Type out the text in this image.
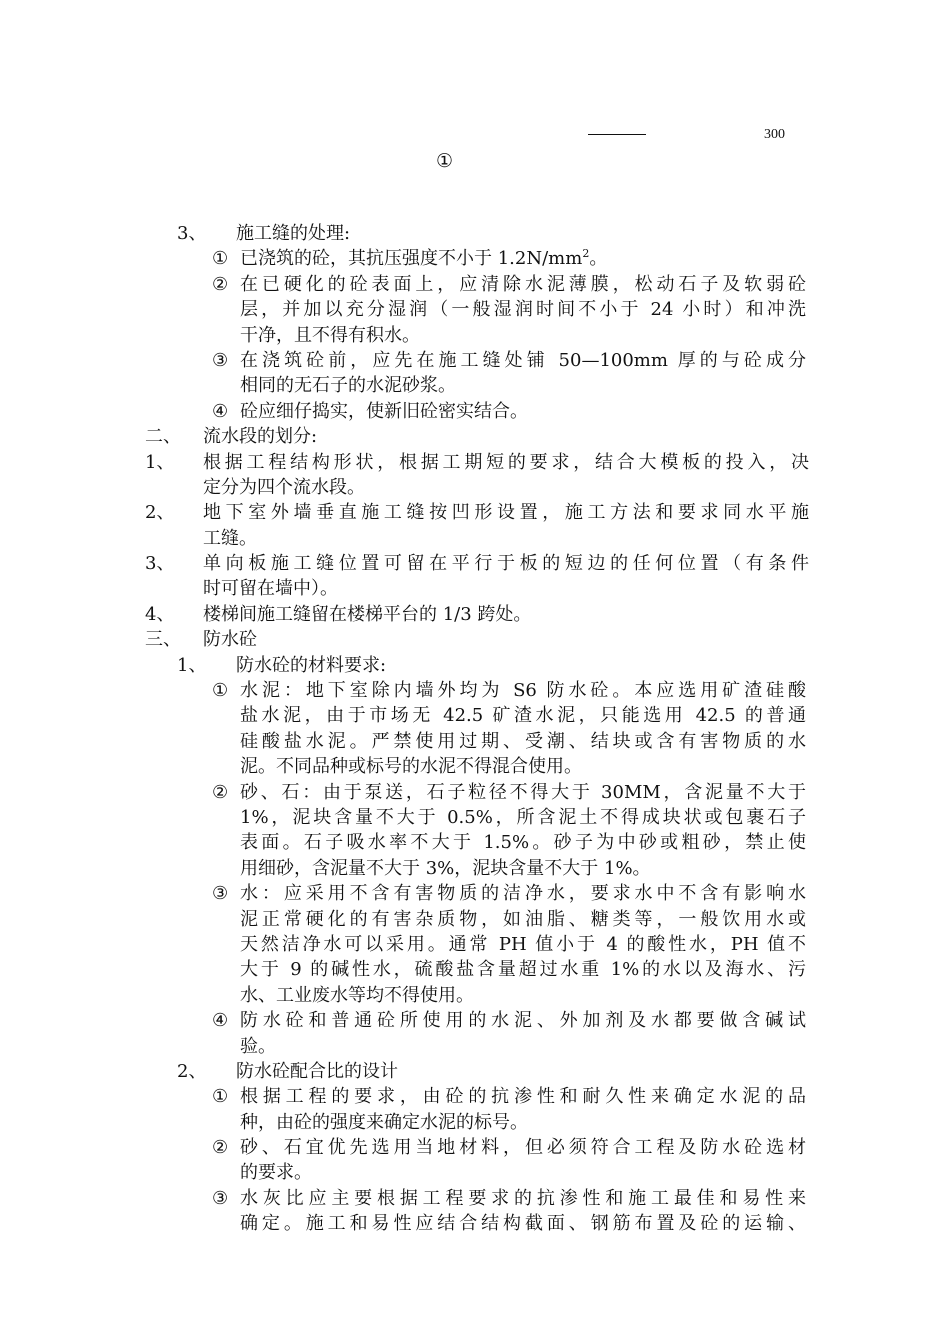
300
①
3、 施工缝的处理:
① 已浇筑的砼，其抗压强度不小于 $1.2N/mm^2$。
② 在已硬化的砼表面上，应清除水泥薄膜，松动石子及软弱砼
层，并加以充分湿润（一般湿润时间不小于 24 小时）和冲洗
干净，且不得有积水。
③ 在浇筑砼前，应先在施工缝处铺 50—100mm 厚的与砼成分
相同的无石子的水泥砂浆。
④ 砼应细仔捣实，使新旧砼密实结合。
二、 流水段的划分:
1、 根据工程结构形状，根据工期短的要求，结合大模板的投入，决
定分为四个流水段。
2、 地下室外墙垂直施工缝按凹形设置，施工方法和要求同水平施
工缝。
3、 单向板施工缝位置可留在平行于板的短边的任何位置（有条件
时可留在墙中）。
4、 楼梯间施工缝留在楼梯平台的 1/3 跨处。
三、 防水砼
1、 防水砼的材料要求:
① 水泥：地下室除内墙外均为 S6 防水砼。本应选用矿渣硅酸
盐水泥，由于市场无 42.5 矿渣水泥，只能选用 42.5 的普通
硅酸盐水泥。严禁使用过期、受潮、结块或含有害物质的水
泥。不同品种或标号的水泥不得混合使用。
② 砂、石：由于泵送，石子粒径不得大于 30MM，含泥量不大于
1%，泥块含量不大于 0.5%，所含泥土不得成块状或包裹石子
表面。石子吸水率不大于 1.5%。砂子为中砂或粗砂，禁止使
用细砂，含泥量不大于 3%，泥块含量不大于 1%。
③ 水：应采用不含有害物质的洁净水，要求水中不含有影响水
泥正常硬化的有害杂质物，如油脂、糖类等，一般饮用水或
天然洁净水可以采用。通常 PH 值小于 4 的酸性水，PH 值不
大于 9 的碱性水，硫酸盐含量超过水重 1%的水以及海水、污
水、工业废水等均不得使用。
④ 防水砼和普通砼所使用的水泥、外加剂及水都要做含碱试
验。
2、 防水砼配合比的设计
① 根据工程的要求，由砼的抗渗性和耐久性来确定水泥的品
种，由砼的强度来确定水泥的标号。
② 砂、石宜优先选用当地材料，但必须符合工程及防水砼选材
的要求。
③ 水灰比应主要根据工程要求的抗渗性和施工最佳和易性来
确定。施工和易性应结合结构截面、钢筋布置及砼的运输、
